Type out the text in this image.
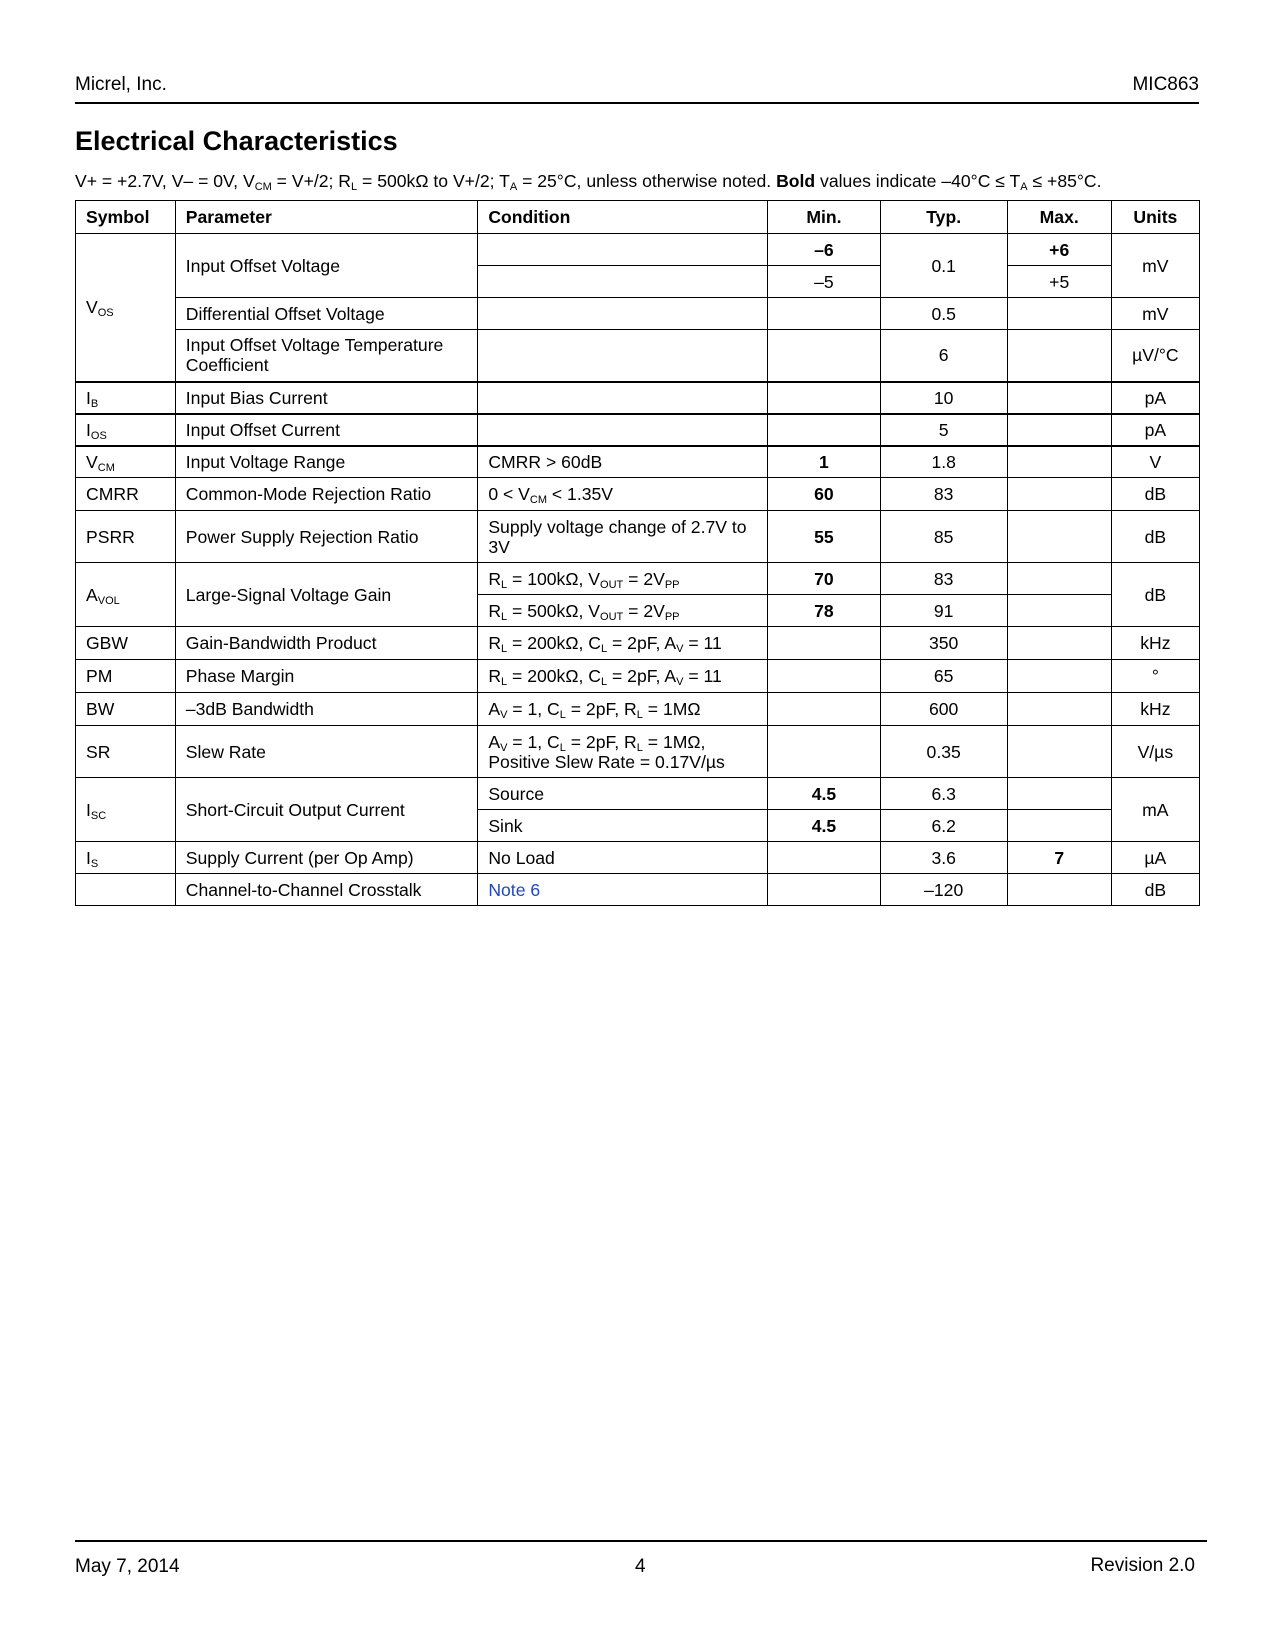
Micrel, Inc.	MIC863
Electrical Characteristics
V+ = +2.7V, V– = 0V, $V_{CM} = V+/2$; $R_L = 500k\Omega$ to V+/2; $T_A = 25^\circ C$, unless otherwise noted. Bold values indicate $-40^\circ C \le T_A \le +85^\circ C$.
Symbol	Parameter	Condition	Min.	Typ.	Max.	Units
$V_{OS}$	Input Offset Voltage		–6	0.1	+6	mV
			–5		+5	
	Differential Offset Voltage			0.5		mV
	Input Offset Voltage Temperature Coefficient			6		µV/°C
$I_B$	Input Bias Current			10		pA
$I_{OS}$	Input Offset Current			5		pA
$V_{CM}$	Input Voltage Range	CMRR > 60dB	1	1.8		V
CMRR	Common-Mode Rejection Ratio	$0 < V_{CM} < 1.35V$	60	83		dB
PSRR	Power Supply Rejection Ratio	Supply voltage change of 2.7V to 3V	55	85		dB
$A_{VOL}$	Large-Signal Voltage Gain	$R_L = 100k\Omega$, $V_{OUT} = 2V_{PP}$	70	83		dB
		$R_L = 500k\Omega$, $V_{OUT} = 2V_{PP}$	78	91		
GBW	Gain-Bandwidth Product	$R_L = 200k\Omega$, $C_L = 2pF$, $A_V = 11$		350		kHz
PM	Phase Margin	$R_L = 200k\Omega$, $C_L = 2pF$, $A_V = 11$		65		°
BW	–3dB Bandwidth	$A_V = 1$, $C_L = 2pF$, $R_L = 1M\Omega$		600		kHz
SR	Slew Rate	$A_V = 1$, $C_L = 2pF$, $R_L = 1M\Omega$,
Positive Slew Rate = 0.17V/µs		0.35		V/µs
$I_{SC}$	Short-Circuit Output Current	Source	4.5	6.3		mA
		Sink	4.5	6.2		
$I_S$	Supply Current (per Op Amp)	No Load		3.6	7	µA
	Channel-to-Channel Crosstalk	Note 6		–120		dB
May 7, 2014	4	Revision 2.0
